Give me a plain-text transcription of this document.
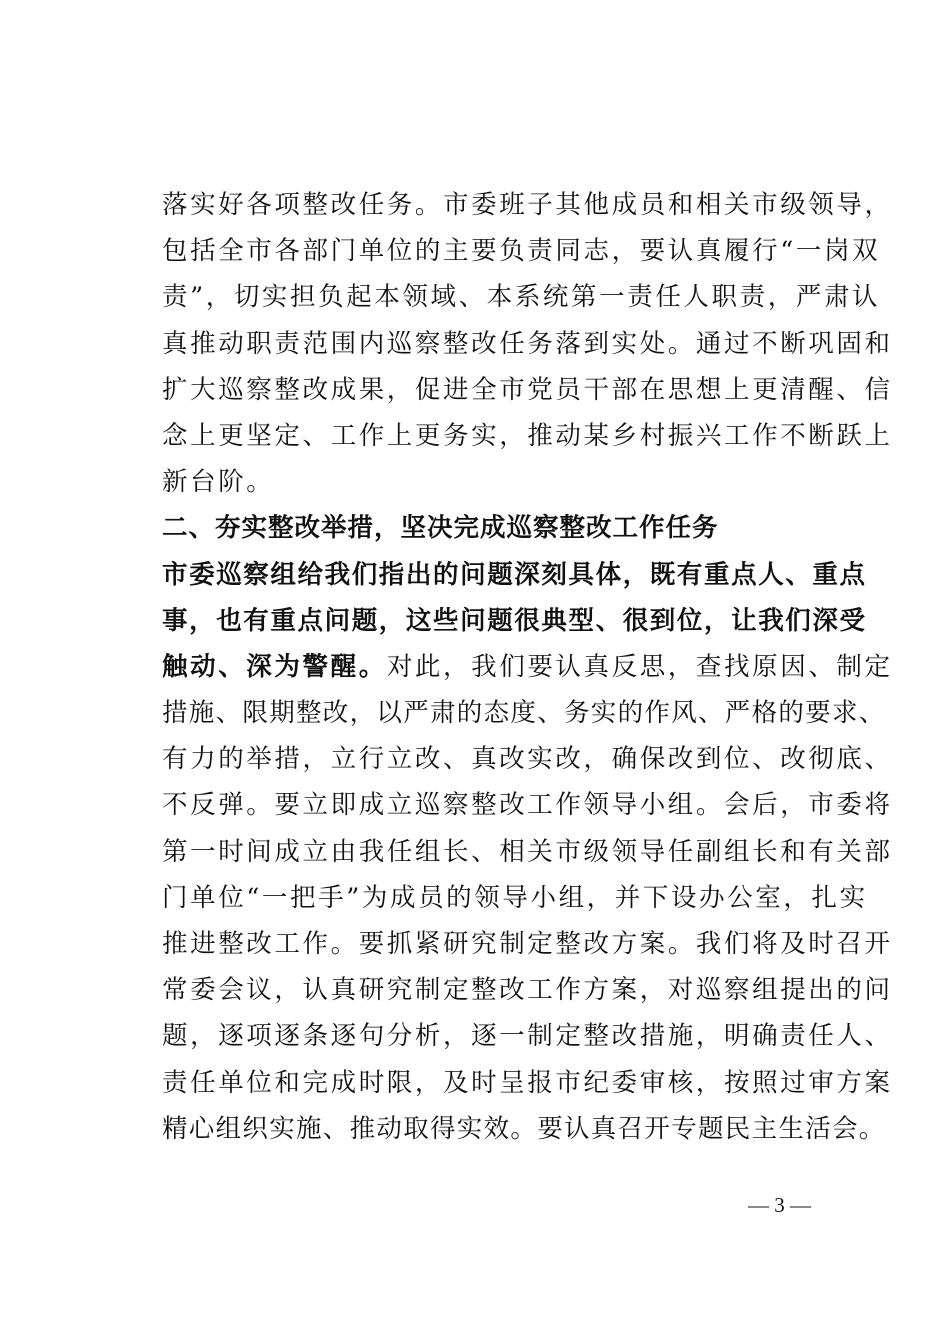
落实好各项整改任务。市委班子其他成员和相关市级领导，
包括全市各部门单位的主要负责同志，要认真履行“一岗双
责”，切实担负起本领域、本系统第一责任人职责，严肃认
真推动职责范围内巡察整改任务落到实处。通过不断巩固和
扩大巡察整改成果，促进全市党员干部在思想上更清醒、信
念上更坚定、工作上更务实，推动某乡村振兴工作不断跃上
新台阶。
二、夯实整改举措，坚决完成巡察整改工作任务
市委巡察组给我们指出的问题深刻具体，既有重点人、重点
事，也有重点问题，这些问题很典型、很到位，让我们深受
触动、深为警醒。对此，我们要认真反思，查找原因、制定
措施、限期整改，以严肃的态度、务实的作风、严格的要求、
有力的举措，立行立改、真改实改，确保改到位、改彻底、
不反弹。要立即成立巡察整改工作领导小组。会后，市委将
第一时间成立由我任组长、相关市级领导任副组长和有关部
门单位“一把手”为成员的领导小组，并下设办公室，扎实
推进整改工作。要抓紧研究制定整改方案。我们将及时召开
常委会议，认真研究制定整改工作方案，对巡察组提出的问
题，逐项逐条逐句分析，逐一制定整改措施，明确责任人、
责任单位和完成时限，及时呈报市纪委审核，按照过审方案
精心组织实施、推动取得实效。要认真召开专题民主生活会。
— 3 —
